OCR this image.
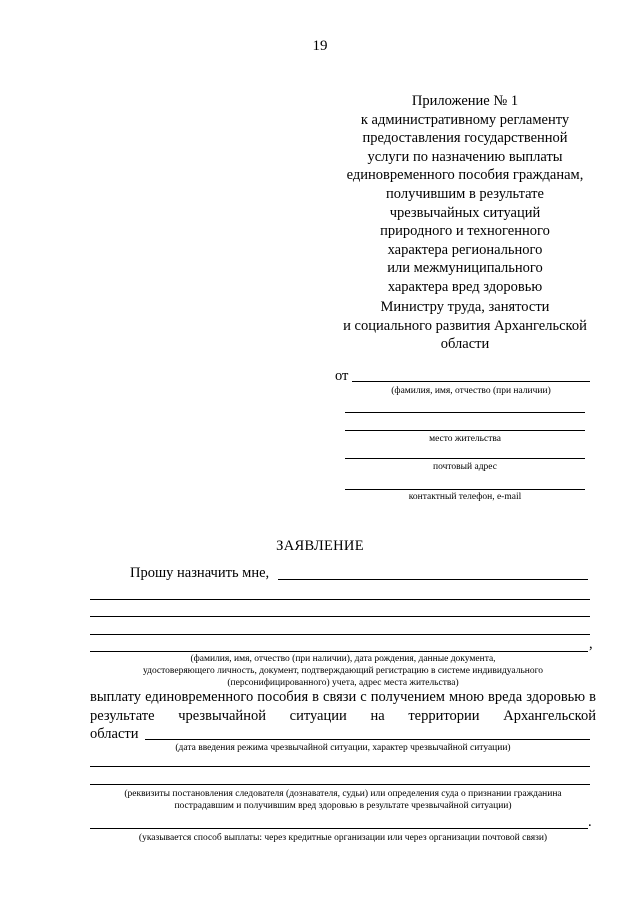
19
Приложение № 1
к административному регламенту
предоставления государственной
услуги по назначению выплаты
единовременного пособия гражданам,
получившим в результате
чрезвычайных ситуаций
природного и техногенного
характера регионального
или межмуниципального
характера вред здоровью
Министру труда, занятости
и социального развития Архангельской
области
от
(фамилия, имя, отчество (при наличии)
место жительства
почтовый адрес
контактный телефон, e-mail
ЗАЯВЛЕНИЕ
Прошу назначить мне,
,
(фамилия, имя, отчество (при наличии), дата рождения, данные документа,
удостоверяющего личность, документ, подтверждающий регистрацию в системе индивидуального
(персонифицированного) учета, адрес места жительства)
выплату единовременного пособия в связи с получением мною вреда здоровью в результате чрезвычайной ситуации на территории Архангельской
области
(дата введения режима чрезвычайной ситуации, характер чрезвычайной ситуации)
(реквизиты постановления следователя (дознавателя, судьи) или определения суда о признании гражданина
пострадавшим и получившим вред здоровью в результате чрезвычайной ситуации)
.
(указывается способ выплаты: через кредитные организации или через организации почтовой связи)
